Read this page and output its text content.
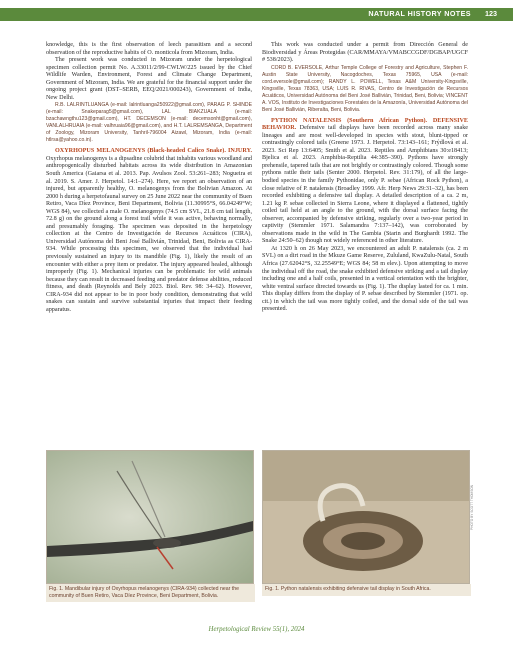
NATURAL HISTORY NOTES 123

knowledge, this is the first observation of leech parasitism and a second observation of the reproductive habits of O. monticola from Mizoram, India.

The present work was conducted in Mizoram under the herpetological specimen collection permit No. A.33011/2/99-CWLW/225 issued by the Chief Wildlife Warden, Environment, Forest and Climate Change Department, Government of Mizoram, India. We are grateful for the financial support under the ongoing project grant (DST–SERB, EEQ/2021/000243), Government of India, New Delhi.

R.B. LALRINTLUANGA (e-mail: lalrintluanga250922@gmail.com), PARAG P. SHINDE (e-mail: Snakeparag5@gmail.com), LAL BIAKZUALA (e-mail: bzachawngthu123@gmail.com), HT. DECEMSON (e-mail: decemsonht@gmail.com), VANLALHRUAIA (e-mail: valhruaia96@gmail.com), and H.T. LALREMSANGA, Department of Zoology, Mizoram University, Tanhril-796004 Aizawl, Mizoram, India (e-mail: htlrsa@yahoo.co.in).

OXYRHOPUS MELANOGENYS (Black-headed Calico Snake). INJURY. Oxyrhopus melanogenys is a dipsadine colubrid that inhabits various woodland and anthropogenically disturbed habitats across its wide distribution in Amazonian South America (Gaiarsa et al. 2013. Pap. Avulsos Zool. 53:261–283; Nogueira et al. 2019. S. Amer. J. Herpetol. 14:1–274). Here, we report an observation of an injured, but apparently healthy, O. melanogenys from the Bolivian Amazon. At 2000 h during a herpetofaunal survey on 25 June 2022 near the community of Buen Retiro, Vaca Díez Province, Beni Department, Bolivia (11.30995°S, 66.04249°W; WGS 84), we collected a male O. melanogenys (74.5 cm SVL, 21.8 cm tail length, 72.8 g) on the ground along a forest trail while it was active, behaving normally, and presumably foraging. The specimen was deposited in the herpetology collection at the Centro de Investigación de Recursos Acuáticos (CIRA), Universidad Autónoma del Beni José Ballivián, Trinidad, Beni, Bolivia as CIRA-934. While processing this specimen, we observed that the individual had previously sustained an injury to its mandible (Fig. 1), likely the result of an encounter with either a prey item or predator. The injury appeared healed, although improperly (Fig. 1). Mechanical injuries can be problematic for wild animals because they can result in decreased feeding and predator defense abilities, reduced fitness, and death (Reynolds and Bely 2023. Biol. Rev. 98: 34–62). However, CIRA-934 did not appear to be in poor body condition, demonstrating that wild snakes can sustain and survive substantial injuries that impact their feeding apparatus.

This work was conducted under a permit from Dirección General de Biodiversidad y Áreas Protegidas (CAR/MMAYA/VMABCCGDF/DGBAP/UGCF # 538/2023).

CORD B. EVERSOLE, Arthur Temple College of Forestry and Agriculture, Stephen F. Austin State University, Nacogdoches, Texas 75965, USA (e-mail: cord.eversole@gmail.com); RANDY L. POWELL, Texas A&M University-Kingsville, Kingsville, Texas 78363, USA; LUIS R. RIVAS, Centro de Investigación de Recursos Acuáticos, Universidad Autónoma del Beni José Ballivián, Trinidad, Beni, Bolivia; VINCENT A. VOS, Instituto de Investigaciones Forestales de la Amazonía, Universidad Autónoma del Beni José Ballivián, Riberalta, Beni, Bolivia.

PYTHON NATALENSIS (Southern African Python). DEFENSIVE BEHAVIOR. Defensive tail displays have been recorded across many snake lineages and are most well-developed in species with stout, blunt-tipped or contrastingly colored tails (Greene 1973. J. Herpetol. 73:143–161; Frýdlová et al. 2023. Sci Rep 13:6405; Smith et al. 2023. Reptiles and Amphibians 30:e18413; Bjelica et al. 2023. Amphibia-Reptilia 44:385–390). Pythons have strongly prehensile, tapered tails that are not brightly or contrastingly colored. Though some pythons rattle their tails (Senter 2000. Herpetol. Rev. 31:179), of all the large-bodied species in the family Pythonidae, only P. sebae (African Rock Python), a close relative of P. natalensis (Broadley 1999. Afr. Herp News 29:31–32), has been recorded exhibiting a defensive tail display. A detailed description of a ca. 2 m, 1.21 kg P. sebae collected in Sierra Leone, where it displayed a flattened, tightly coiled tail held at an angle to the ground, with the dorsal surface facing the observer, accompanied by defensive striking, regularly over a two-year period in captivity (Stemmler 1971. Salamandra 7:137–142), was corroborated by observations made in the wild in The Gambia (Starin and Burghardt 1992. The Snake 24:50–62) though not widely referenced in other literature.

At 1320 h on 26 May 2023, we encountered an adult P. natalensis (ca. 2 m SVL) on a dirt road in the Mkuze Game Reserve, Zululand, KwaZulu-Natal, South Africa (27.62042°S, 32.25549°E; WGS 84; 58 m elev.). Upon attempting to move the individual off the road, the snake exhibited defensive striking and a tail display including one and a half coils, presented in a vertical orientation with the brighter, white ventral surface directed towards us (Fig. 1). The display lasted for ca. 1 min. This display differs from the display of P. sebae described by Stemmler (1971. op. cit.) in which the tail was more tightly coiled, and the dorsal side of the tail was presented.

Fig. 1. Mandibular injury of Oxyrhopus melanogenys (CIRA-934) collected near the community of Buen Retiro, Vaca Díez Province, Beni Department, Bolivia.
Fig. 1. Python natalensis exhibiting defensive tail display in South Africa.
PHOTO BY SCOTT THOMSON
Herpetological Review 55(1), 2024
